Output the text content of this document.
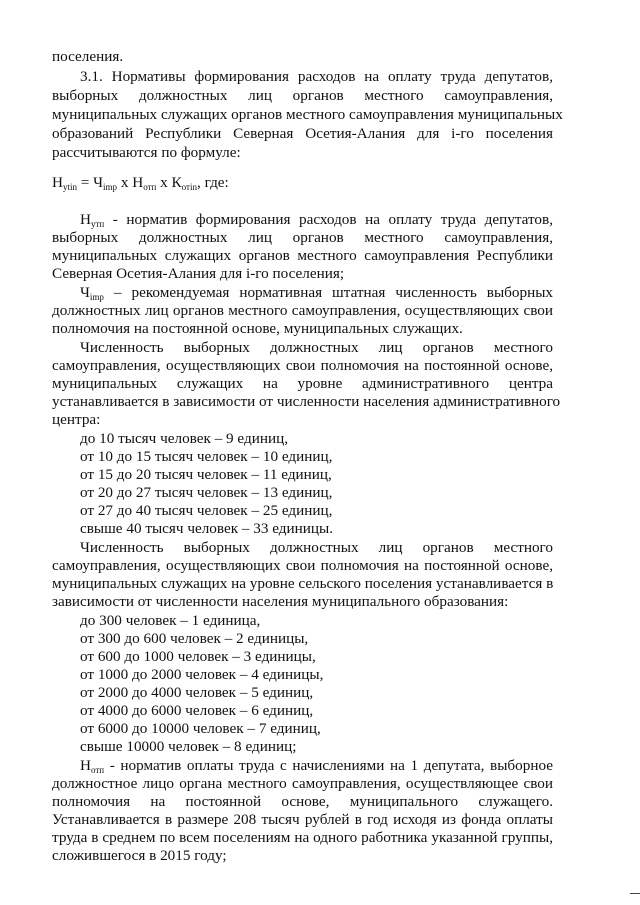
поселения.
3.1. Нормативы формирования расходов на оплату труда депутатов,
выборных должностных лиц органов местного самоуправления,
муниципальных служащих органов местного самоуправления муниципальных
образований Республики Северная Осетия-Алания для i-го поселения
рассчитываются по формуле:
$Н_{ytin} = Ч_{imp}$ х $Н_{отп}$ х $К_{отin}$, где:
$Н_{утп}$ - норматив формирования расходов на оплату труда депутатов,
выборных должностных лиц органов местного самоуправления,
муниципальных служащих органов местного самоуправления Республики
Северная Осетия-Алания для i-го поселения;
$Ч_{imp}$ – рекомендуемая нормативная штатная численность выборных
должностных лиц органов местного самоуправления, осуществляющих свои
полномочия на постоянной основе, муниципальных служащих.
Численность выборных должностных лиц органов местного
самоуправления, осуществляющих свои полномочия на постоянной основе,
муниципальных служащих на уровне административного центра
устанавливается в зависимости от численности населения административного
центра:
до 10 тысяч человек – 9 единиц,
от 10 до 15 тысяч человек – 10 единиц,
от 15 до 20 тысяч человек – 11 единиц,
от 20 до 27 тысяч человек – 13 единиц,
от 27 до 40 тысяч человек – 25 единиц,
свыше 40 тысяч человек – 33 единицы.
Численность выборных должностных лиц органов местного
самоуправления, осуществляющих свои полномочия на постоянной основе,
муниципальных служащих на уровне сельского поселения устанавливается в
зависимости от численности населения муниципального образования:
до 300 человек – 1 единица,
от 300 до 600 человек – 2 единицы,
от 600 до 1000 человек – 3 единицы,
от 1000 до 2000 человек – 4 единицы,
от 2000 до 4000 человек – 5 единиц,
от 4000 до 6000 человек – 6 единиц,
от 6000 до 10000 человек – 7 единиц,
свыше 10000 человек – 8 единиц;
$Н_{отп}$ - норматив оплаты труда с начислениями на 1 депутата, выборное
должностное лицо органа местного самоуправления, осуществляющее свои
полномочия на постоянной основе, муниципального служащего.
Устанавливается в размере 208 тысяч рублей в год исходя из фонда оплаты
труда в среднем по всем поселениям на одного работника указанной группы,
сложившегося в 2015 году;
